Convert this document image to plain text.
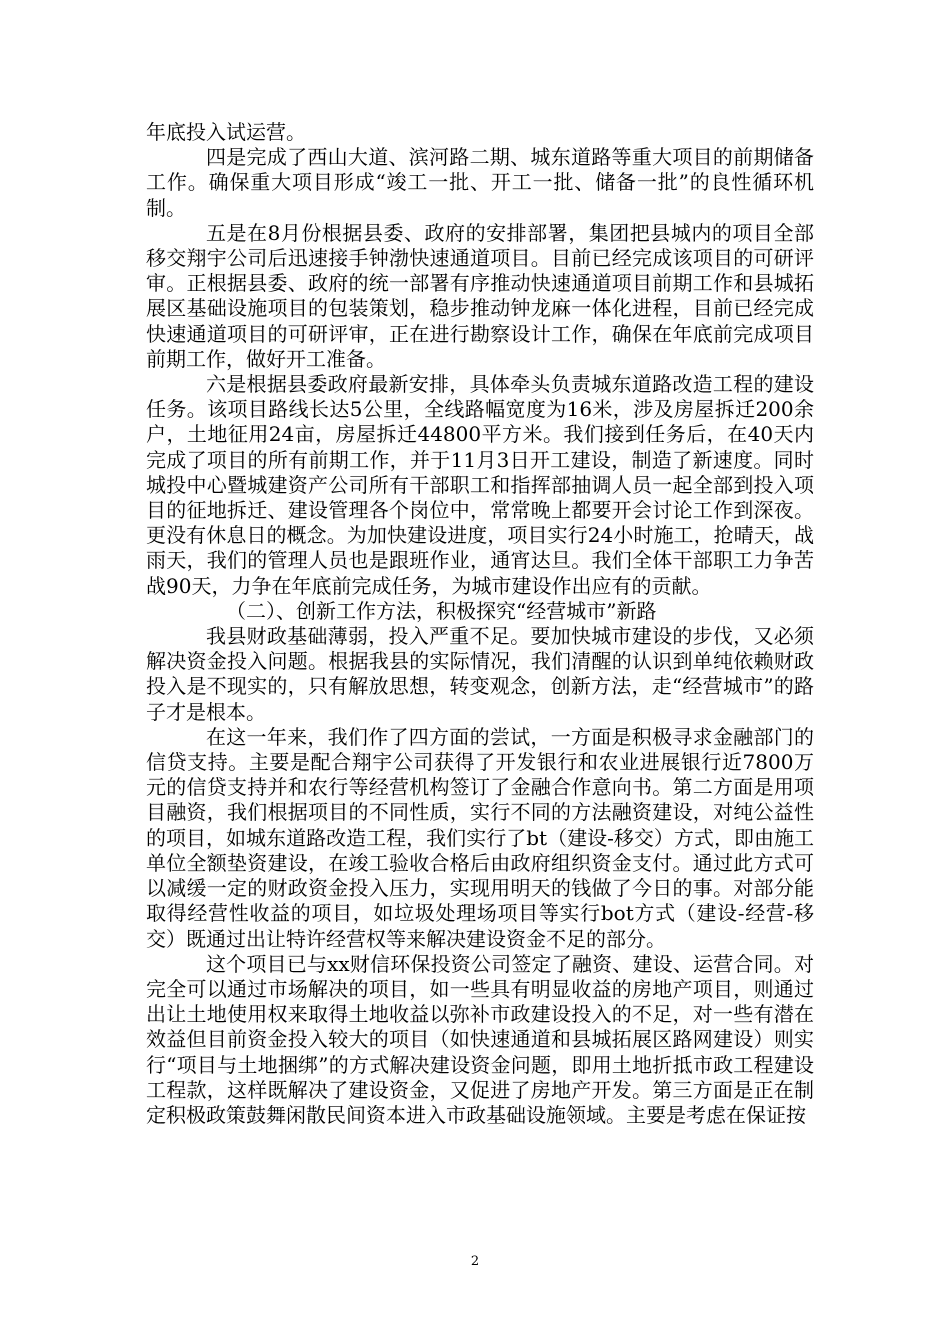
年底投入试运营。

四是完成了西山大道、滨河路二期、城东道路等重大项目的前期储备工作。确保重大项目形成“竣工一批、开工一批、储备一批”的良性循环机制。

五是在8月份根据县委、政府的安排部署，集团把县城内的项目全部移交翔宇公司后迅速接手钟渤快速通道项目。目前已经完成该项目的可研评审。正根据县委、政府的统一部署有序推动快速通道项目前期工作和县城拓展区基础设施项目的包装策划，稳步推动钟龙麻一体化进程，目前已经完成快速通道项目的可研评审，正在进行勘察设计工作，确保在年底前完成项目前期工作，做好开工准备。

六是根据县委政府最新安排，具体牵头负责城东道路改造工程的建设任务。该项目路线长达5公里，全线路幅宽度为16米，涉及房屋拆迁200余户，土地征用24亩，房屋拆迁44800平方米。我们接到任务后，在40天内完成了项目的所有前期工作，并于11月3日开工建设，制造了新速度。同时城投中心暨城建资产公司所有干部职工和指挥部抽调人员一起全部到投入项目的征地拆迁、建设管理各个岗位中，常常晚上都要开会讨论工作到深夜。更没有休息日的概念。为加快建设进度，项目实行24小时施工，抢晴天，战雨天，我们的管理人员也是跟班作业，通宵达旦。我们全体干部职工力争苦战90天，力争在年底前完成任务，为城市建设作出应有的贡献。

（二）、创新工作方法，积极探究“经营城市”新路

我县财政基础薄弱，投入严重不足。要加快城市建设的步伐，又必须解决资金投入问题。根据我县的实际情况，我们清醒的认识到单纯依赖财政投入是不现实的，只有解放思想，转变观念，创新方法，走“经营城市”的路子才是根本。

在这一年来，我们作了四方面的尝试，一方面是积极寻求金融部门的信贷支持。主要是配合翔宇公司获得了开发银行和农业进展银行近7800万元的信贷支持并和农行等经营机构签订了金融合作意向书。第二方面是用项目融资，我们根据项目的不同性质，实行不同的方法融资建设，对纯公益性的项目，如城东道路改造工程，我们实行了bt（建设-移交）方式，即由施工单位全额垫资建设，在竣工验收合格后由政府组织资金支付。通过此方式可以减缓一定的财政资金投入压力，实现用明天的钱做了今日的事。对部分能取得经营性收益的项目，如垃圾处理场项目等实行bot方式（建设-经营-移交）既通过出让特许经营权等来解决建设资金不足的部分。

这个项目已与xx财信环保投资公司签定了融资、建设、运营合同。对完全可以通过市场解决的项目，如一些具有明显收益的房地产项目，则通过出让土地使用权来取得土地收益以弥补市政建设投入的不足，对一些有潜在效益但目前资金投入较大的项目（如快速通道和县城拓展区路网建设）则实行“项目与土地捆绑”的方式解决建设资金问题，即用土地折抵市政工程建设工程款，这样既解决了建设资金，又促进了房地产开发。第三方面是正在制定积极政策鼓舞闲散民间资本进入市政基础设施领域。主要是考虑在保证按

2
